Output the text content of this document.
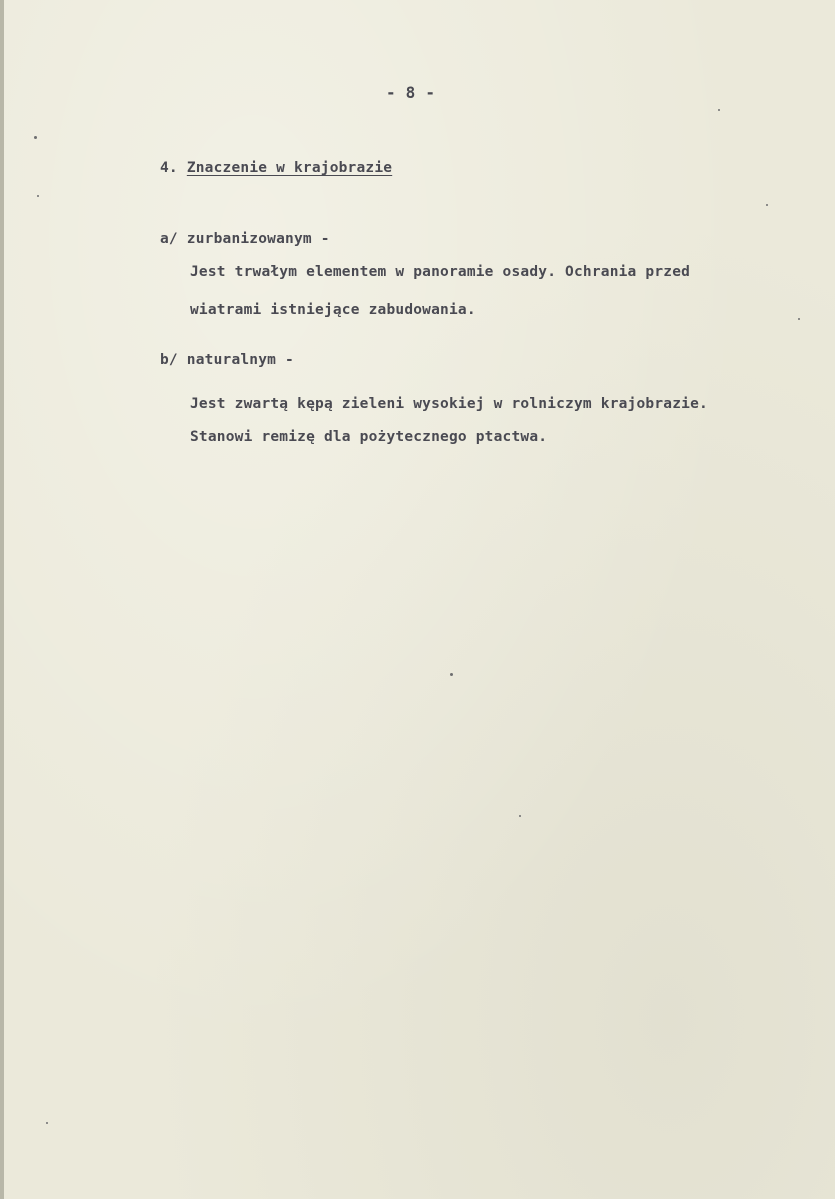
- 8 -
4. Znaczenie w krajobrazie
a/ zurbanizowanym -
Jest trwałym elementem w panoramie osady. Ochrania przed
wiatrami istniejące zabudowania.
b/ naturalnym -
Jest zwartą kępą zieleni wysokiej w rolniczym krajobrazie.
Stanowi remizę dla pożytecznego ptactwa.
